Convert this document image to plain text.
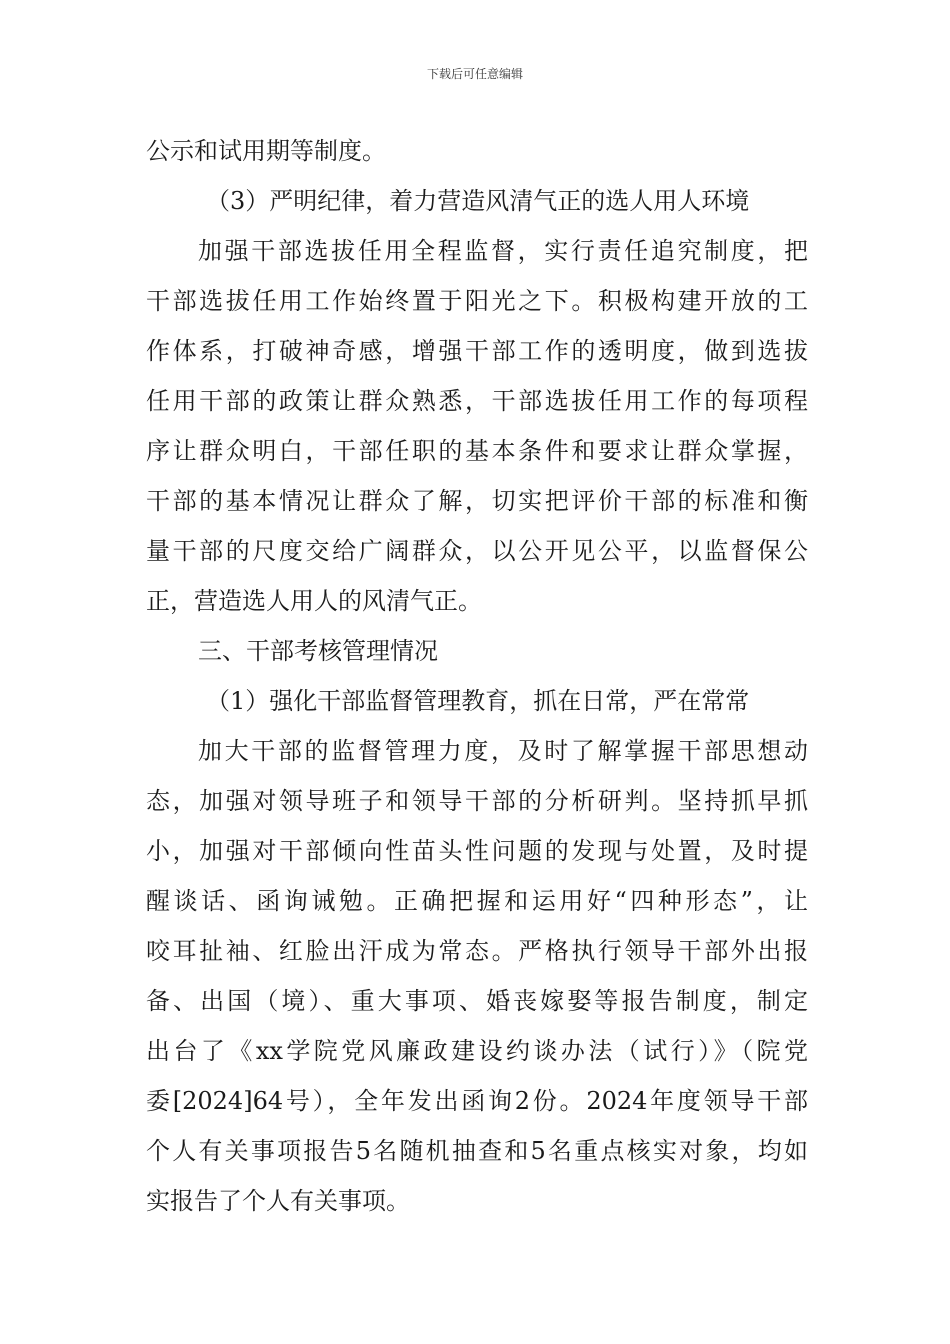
下载后可任意编辑
公示和试用期等制度。
（3）严明纪律，着力营造风清气正的选人用人环境
加强干部选拔任用全程监督，实行责任追究制度，把
干部选拔任用工作始终置于阳光之下。积极构建开放的工
作体系，打破神奇感，增强干部工作的透明度，做到选拔
任用干部的政策让群众熟悉，干部选拔任用工作的每项程
序让群众明白，干部任职的基本条件和要求让群众掌握，
干部的基本情况让群众了解，切实把评价干部的标准和衡
量干部的尺度交给广阔群众，以公开见公平，以监督保公
正，营造选人用人的风清气正。
三、干部考核管理情况
（1）强化干部监督管理教育，抓在日常，严在常常
加大干部的监督管理力度，及时了解掌握干部思想动
态，加强对领导班子和领导干部的分析研判。坚持抓早抓
小，加强对干部倾向性苗头性问题的发现与处置，及时提
醒谈话、函询诫勉。正确把握和运用好“四种形态”，让
咬耳扯袖、红脸出汗成为常态。严格执行领导干部外出报
备、出国（境）、重大事项、婚丧嫁娶等报告制度，制定
出台了《xx学院党风廉政建设约谈办法（试行）》（院党
委[2024]64号），全年发出函询2份。2024年度领导干部
个人有关事项报告5名随机抽查和5名重点核实对象，均如
实报告了个人有关事项。
